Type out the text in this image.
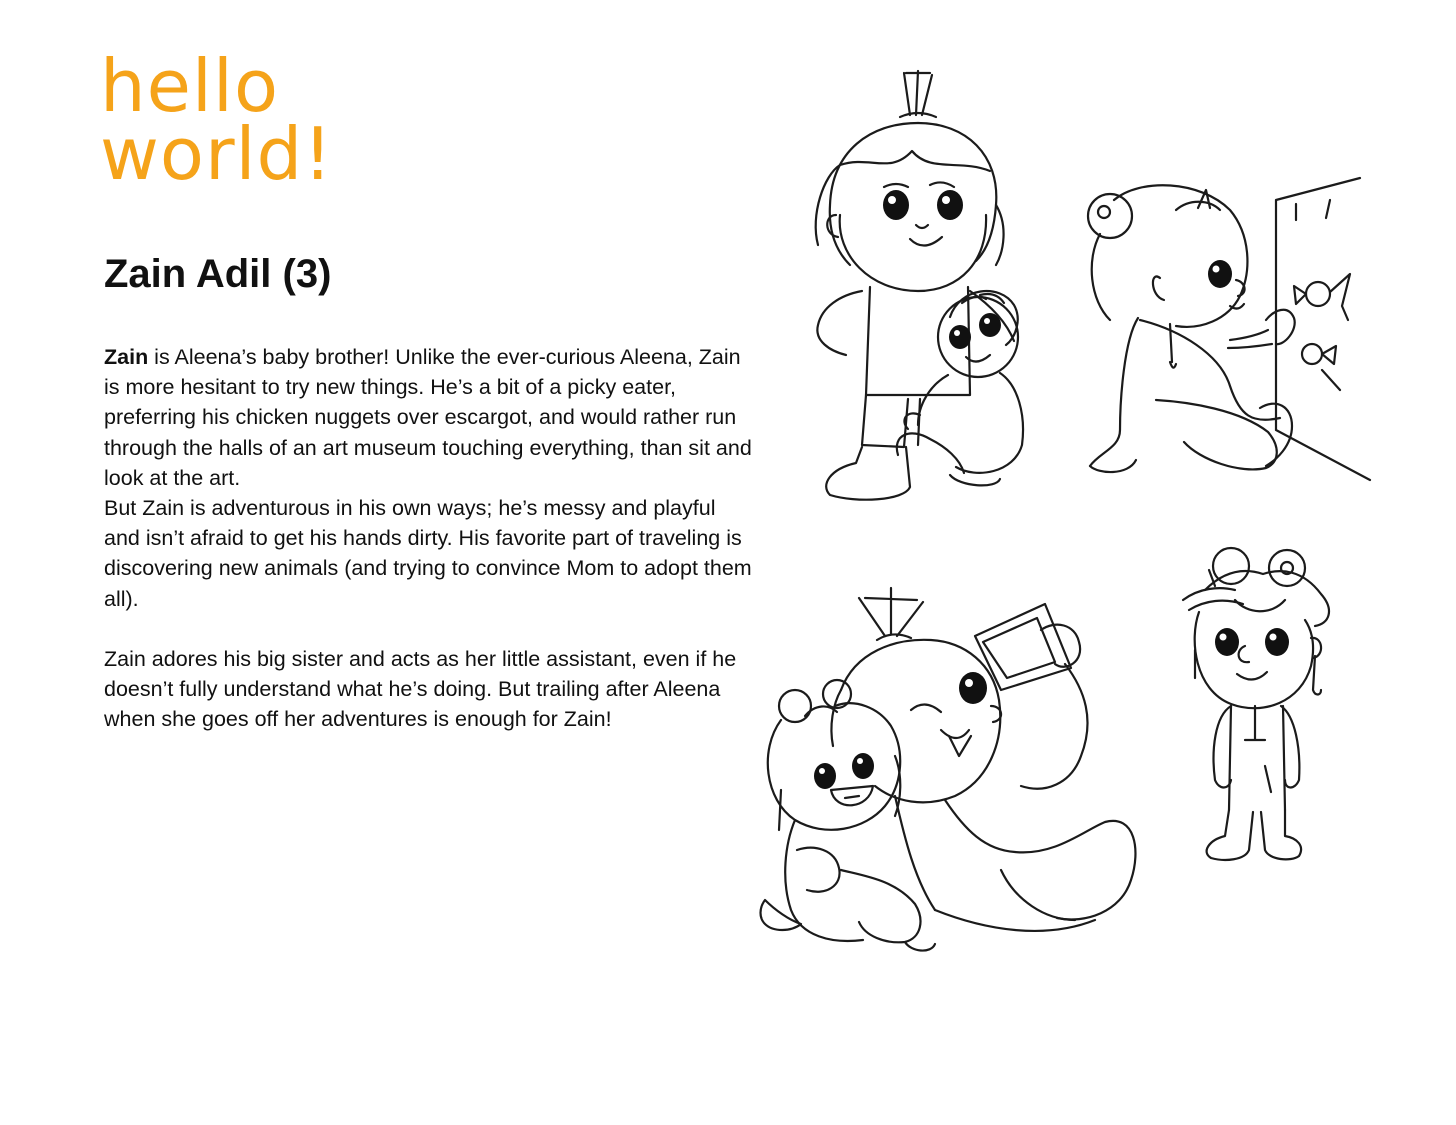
hello
world!
Zain Adil (3)

Zain is Aleena’s baby brother! Unlike the ever-curious Aleena, Zain is more hesitant to try new things. He’s a bit of a picky eater, preferring his chicken nuggets over escargot, and would rather run through the halls of an art museum touching everything, than sit and look at the art.

But Zain is adventurous in his own ways; he’s messy and playful and isn’t afraid to get his hands dirty. His favorite part of traveling is discovering new animals (and trying to convince Mom to adopt them all).

Zain adores his big sister and acts as her little assistant, even if he doesn’t fully understand what he’s doing. But trailing after Aleena when she goes off her adventures is enough for Zain!
